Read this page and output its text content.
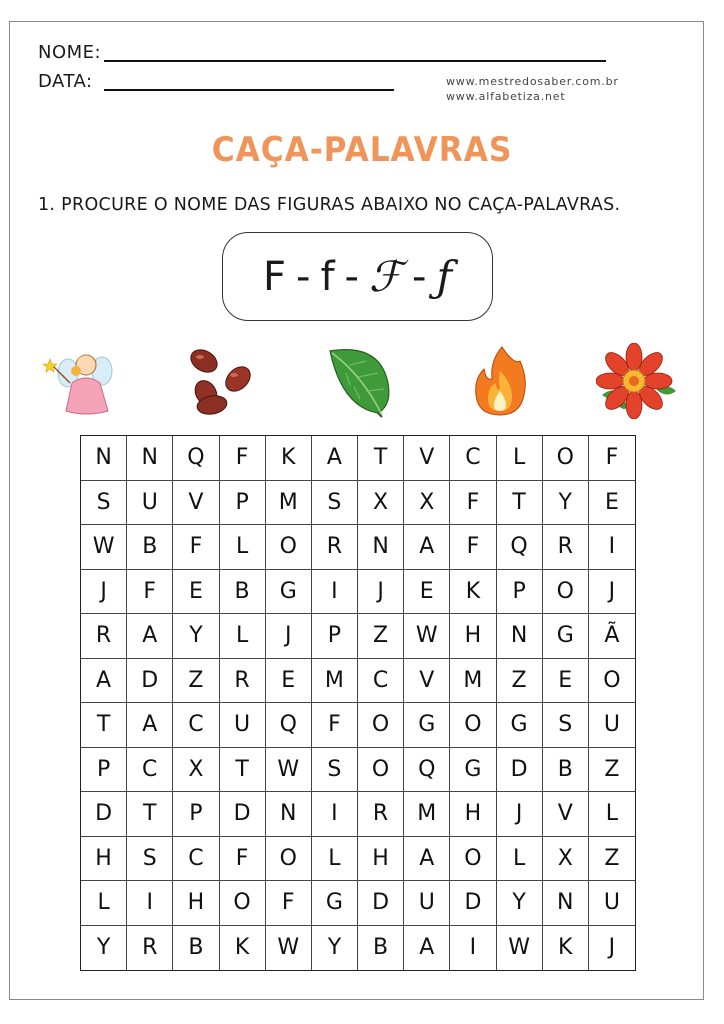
NOME:
DATA:	www.mestredosaber.com.br
www.alfabetiza.net
CAÇA-PALAVRAS
1. PROCURE O NOME DAS FIGURAS ABAIXO NO CAÇA-PALAVRAS.
F - f - ℱ - ƒ
N	N	Q	F	K	A	T	V	C	L	O	F
S	U	V	P	M	S	X	X	F	T	Y	E
W	B	F	L	O	R	N	A	F	Q	R	I
J	F	E	B	G	I	J	E	K	P	O	J
R	A	Y	L	J	P	Z	W	H	N	G	Ã
A	D	Z	R	E	M	C	V	M	Z	E	O
T	A	C	U	Q	F	O	G	O	G	S	U
P	C	X	T	W	S	O	Q	G	D	B	Z
D	T	P	D	N	I	R	M	H	J	V	L
H	S	C	F	O	L	H	A	O	L	X	Z
L	I	H	O	F	G	D	U	D	Y	N	U
Y	R	B	K	W	Y	B	A	I	W	K	J
